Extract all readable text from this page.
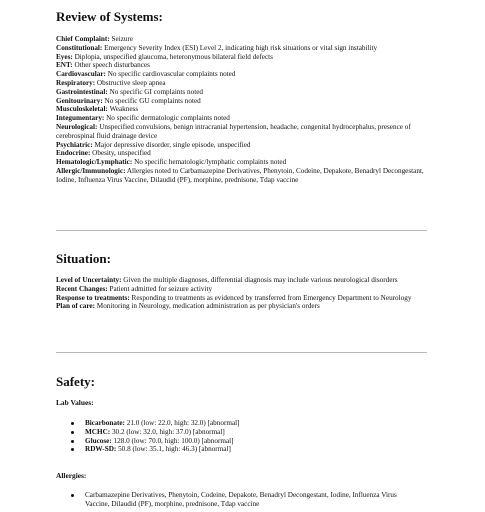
Review of Systems:

Chief Complaint: Seizure

Constitutional: Emergency Severity Index (ESI) Level 2, indicating high risk situations or vital sign instability

Eyes: Diplopia, unspecified glaucoma, heteronymous bilateral field defects

ENT: Other speech disturbances

Cardiovascular: No specific cardiovascular complaints noted

Respiratory: Obstructive sleep apnea

Gastrointestinal: No specific GI complaints noted

Genitourinary: No specific GU complaints noted

Musculoskeletal: Weakness

Integumentary: No specific dermatologic complaints noted

Neurological: Unspecified convulsions, benign intracranial hypertension, headache, congenital hydrocephalus, presence of cerebrospinal fluid drainage device

Psychiatric: Major depressive disorder, single episode, unspecified

Endocrine: Obesity, unspecified

Hematologic/Lymphatic: No specific hematologic/lymphatic complaints noted

Allergic/Immunologic: Allergies noted to Carbamazepine Derivatives, Phenytoin, Codeine, Depakote, Benadryl Decongestant, Iodine, Influenza Virus Vaccine, Dilaudid (PF), morphine, prednisone, Tdap vaccine

Situation:

Level of Uncertainty: Given the multiple diagnoses, differential diagnosis may include various neurological disorders

Recent Changes: Patient admitted for seizure activity

Response to treatments: Responding to treatments as evidenced by transferred from Emergency Department to Neurology

Plan of care: Monitoring in Neurology, medication administration as per physician's orders

Safety:

Lab Values:

Bicarbonate: 21.0 (low: 22.0, high: 32.0) [abnormal]
MCHC: 30.2 (low: 32.0, high: 37.0) [abnormal]
Glucose: 128.0 (low: 70.0, high: 100.0) [abnormal]
RDW-SD: 50.8 (low: 35.1, high: 46.3) [abnormal]

Allergies:

Carbamazepine Derivatives, Phenytoin, Codeine, Depakote, Benadryl Decongestant, Iodine, Influenza Virus Vaccine, Dilaudid (PF), morphine, prednisone, Tdap vaccine
